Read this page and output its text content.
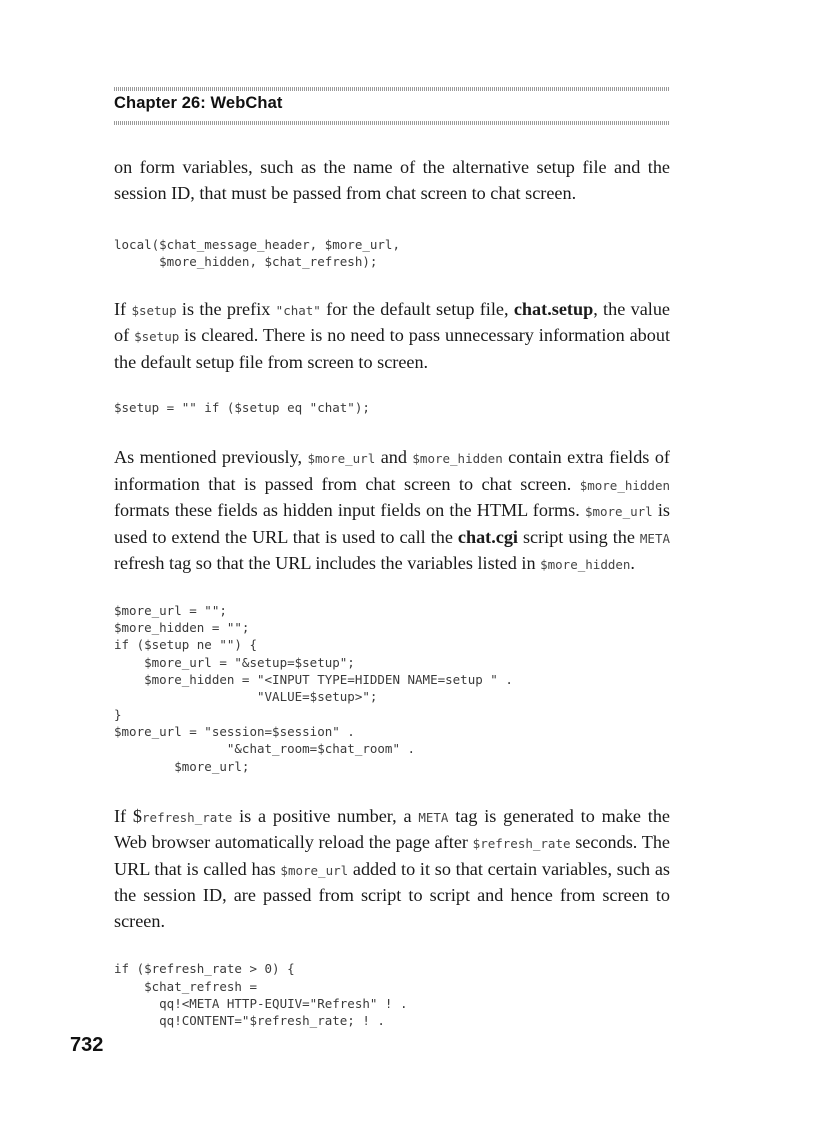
Chapter 26: WebChat

on form variables, such as the name of the alternative setup file and the session ID, that must be passed from chat screen to chat screen.

local($chat_message_header, $more_url,
$more_hidden, $chat_refresh);

If $setup is the prefix "chat" for the default setup file, chat.setup, the value of $setup is cleared. There is no need to pass unnecessary information about the default setup file from screen to screen.

$setup = "" if ($setup eq "chat");

As mentioned previously, $more_url and $more_hidden contain extra fields of information that is passed from chat screen to chat screen. $more_hidden formats these fields as hidden input fields on the HTML forms. $more_url is used to extend the URL that is used to call the chat.cgi script using the META refresh tag so that the URL includes the variables listed in $more_hidden.

$more_url = "";
$more_hidden = "";
if ($setup ne "") {
$more_url = "&setup=$setup";
$more_hidden = "<INPUT TYPE=HIDDEN NAME=setup " .
"VALUE=$setup>";
}
$more_url = "session=$session" .
"&chat_room=$chat_room" .
$more_url;

If $refresh_rate is a positive number, a META tag is generated to make the Web browser automatically reload the page after $refresh_rate seconds. The URL that is called has $more_url added to it so that certain variables, such as the session ID, are passed from script to script and hence from screen to screen.

if ($refresh_rate > 0) {
$chat_refresh =
qq!<META HTTP-EQUIV="Refresh" ! .
qq!CONTENT="$refresh_rate; ! .
732
